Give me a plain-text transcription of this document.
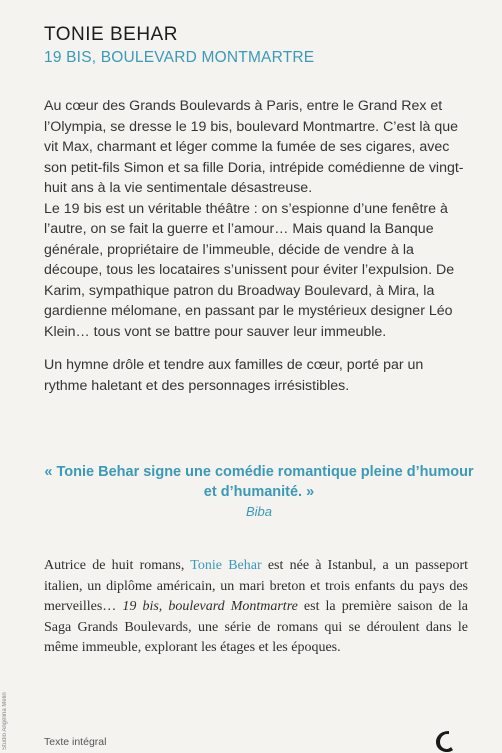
TONIE BEHAR
19 BIS, BOULEVARD MONTMARTRE

Au cœur des Grands Boulevards à Paris, entre le Grand Rex et l’Olympia, se dresse le 19 bis, boulevard Montmartre. C’est là que vit Max, charmant et léger comme la fumée de ses cigares, avec son petit-fils Simon et sa fille Doria, intrépide comédienne de vingt-huit ans à la vie sentimentale désastreuse.

Le 19 bis est un véritable théâtre : on s’espionne d’une fenêtre à l’autre, on se fait la guerre et l’amour… Mais quand la Banque générale, propriétaire de l’immeuble, décide de vendre à la découpe, tous les locataires s’unissent pour éviter l’expulsion. De Karim, sympathique patron du Broadway Boulevard, à Mira, la gardienne mélomane, en passant par le mystérieux designer Léo Klein… tous vont se battre pour sauver leur immeuble.

Un hymne drôle et tendre aux familles de cœur, porté par un rythme haletant et des personnages irrésistibles.

« Tonie Behar signe une comédie romantique pleine d’humour et d’humanité. »
Biba
Autrice de huit romans, Tonie Behar est née à Istanbul, a un passeport italien, un diplôme américain, un mari breton et trois enfants du pays des merveilles… 19 bis, boulevard Montmartre est la première saison de la Saga Grands Boulevards, une série de romans qui se déroulent dans le même immeuble, explorant les étages et les époques.
Studio Angélina Melin	Texte intégral
